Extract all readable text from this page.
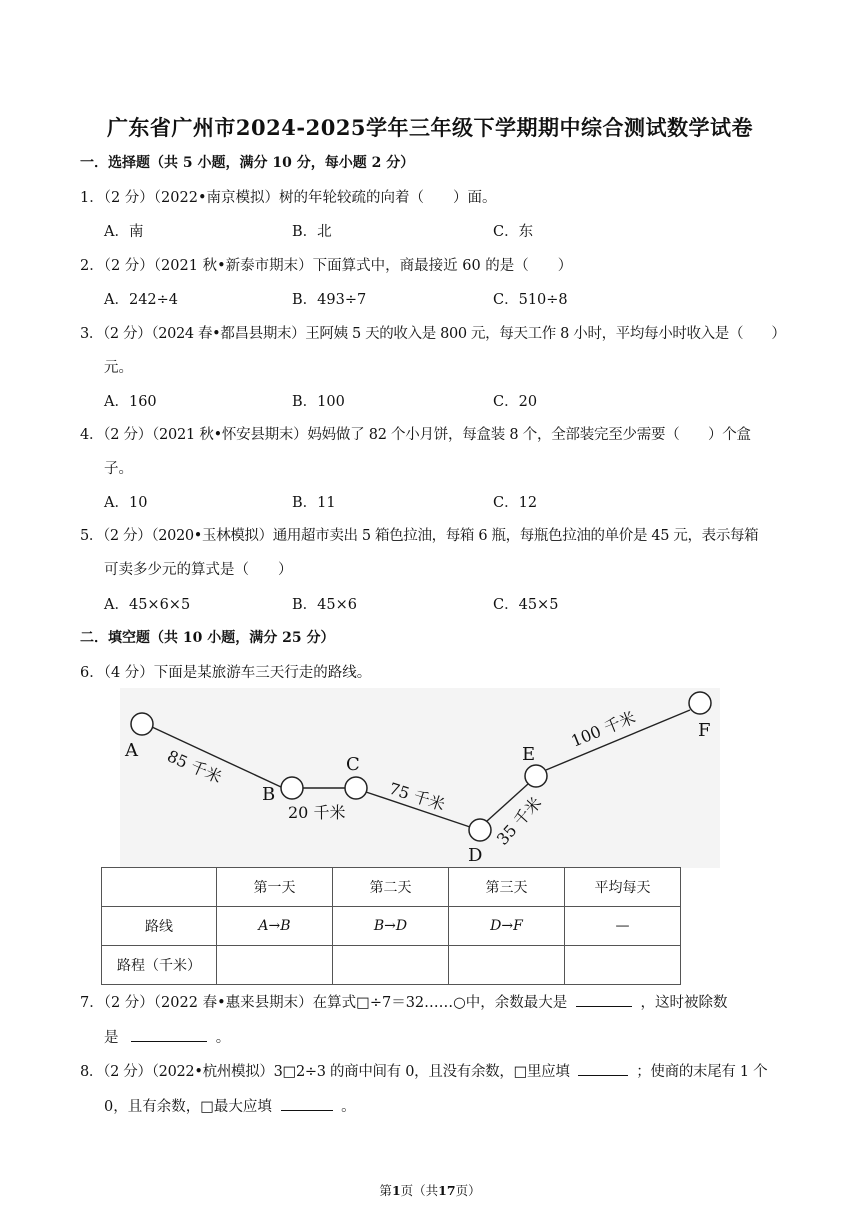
广东省广州市2024-2025学年三年级下学期期中综合测试数学试卷
一．选择题（共 5 小题，满分 10 分，每小题 2 分）
1．（2 分）（2022•南京模拟）树的年轮较疏的向着（　　）面。
A．南	B．北	C．东
2．（2 分）（2021 秋•新泰市期末）下面算式中，商最接近 60 的是（　　）
A．242÷4	B．493÷7	C．510÷8
3．（2 分）（2024 春•都昌县期末）王阿姨 5 天的收入是 800 元，每天工作 8 小时，平均每小时收入是（　　）
元。
A．160	B．100	C．20
4．（2 分）（2021 秋•怀安县期末）妈妈做了 82 个小月饼，每盒装 8 个，全部装完至少需要（　　）个盒
子。
A．10	B．11	C．12
5．（2 分）（2020•玉林模拟）通用超市卖出 5 箱色拉油，每箱 6 瓶，每瓶色拉油的单价是 45 元，表示每箱
可卖多少元的算式是（　　）
A．45×6×5	B．45×6	C．45×5
二．填空题（共 10 小题，满分 25 分）
6．（4 分）下面是某旅游车三天行走的路线。
A
B
C
D
E
F
85 千米
20 千米	75 千米	35 千米
100 千米
	第一天	第二天	第三天	平均每天
路线	A→B	B→D	D→F	—
路程（千米）				
7．（2 分）（2022 春•惠来县期末）在算式□÷7＝32……○中，余数最大是	，这时被除数
是	。
8．（2 分）（2022•杭州模拟）3□2÷3 的商中间有 0，且没有余数，□里应填	；使商的末尾有 1 个
0，且有余数，□最大应填	。
第1页（共17页）
